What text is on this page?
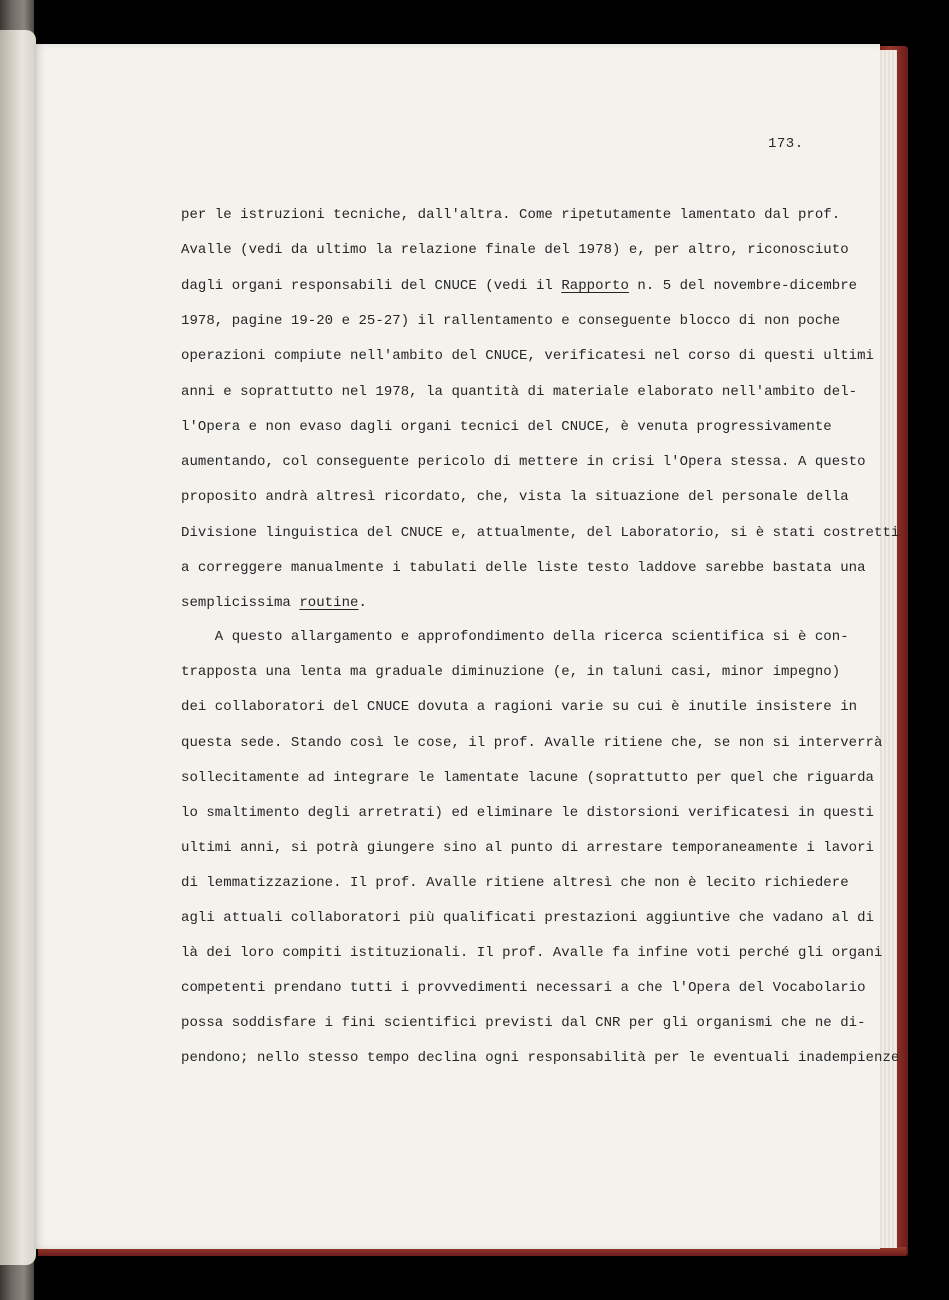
173.
per le istruzioni tecniche, dall'altra. Come ripetutamente lamentato dal prof.
Avalle (vedi da ultimo la relazione finale del 1978) e, per altro, riconosciuto
dagli organi responsabili del CNUCE (vedi il Rapporto n. 5 del novembre-dicembre
1978, pagine 19-20 e 25-27) il rallentamento e conseguente blocco di non poche
operazioni compiute nell'ambito del CNUCE, verificatesi nel corso di questi ultimi
anni e soprattutto nel 1978, la quantità di materiale elaborato nell'ambito del-
l'Opera e non evaso dagli organi tecnici del CNUCE, è venuta progressivamente
aumentando, col conseguente pericolo di mettere in crisi l'Opera stessa. A questo
proposito andrà altresì ricordato, che, vista la situazione del personale della
Divisione linguistica del CNUCE e, attualmente, del Laboratorio, si è stati costretti
a correggere manualmente i tabulati delle liste testo laddove sarebbe bastata una
semplicissima routine.
A questo allargamento e approfondimento della ricerca scientifica si è con-
trapposta una lenta ma graduale diminuzione (e, in taluni casi, minor impegno)
dei collaboratori del CNUCE dovuta a ragioni varie su cui è inutile insistere in
questa sede. Stando così le cose, il prof. Avalle ritiene che, se non si interverrà
sollecitamente ad integrare le lamentate lacune (soprattutto per quel che riguarda
lo smaltimento degli arretrati) ed eliminare le distorsioni verificatesi in questi
ultimi anni, si potrà giungere sino al punto di arrestare temporaneamente i lavori
di lemmatizzazione. Il prof. Avalle ritiene altresì che non è lecito richiedere
agli attuali collaboratori più qualificati prestazioni aggiuntive che vadano al di
là dei loro compiti istituzionali. Il prof. Avalle fa infine voti perché gli organi
competenti prendano tutti i provvedimenti necessari a che l'Opera del Vocabolario
possa soddisfare i fini scientifici previsti dal CNR per gli organismi che ne di-
pendono; nello stesso tempo declina ogni responsabilità per le eventuali inadempienze
